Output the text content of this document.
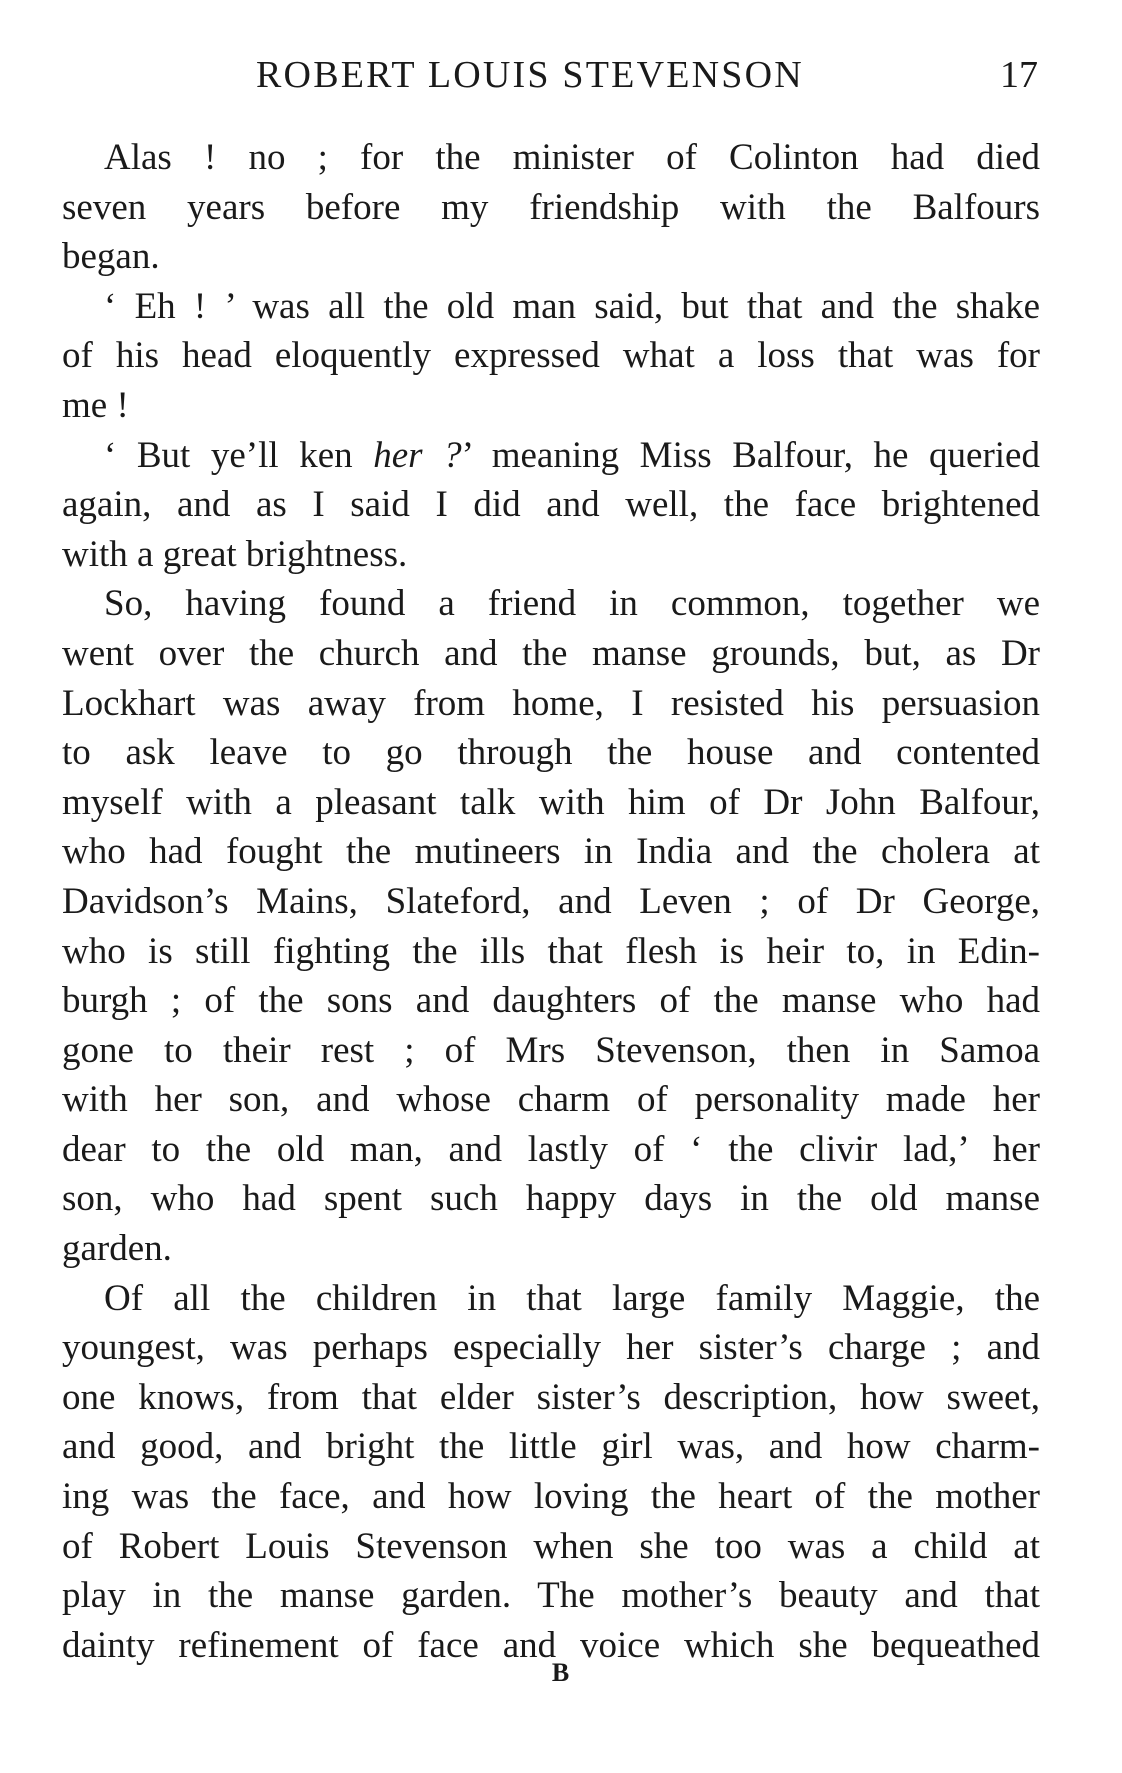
ROBERT LOUIS STEVENSON	17
Alas ! no ; for the minister of Colinton had died
seven years before my friendship with the Balfours
began.
‘ Eh ! ’ was all the old man said, but that and the shake
of his head eloquently expressed what a loss that was for
me !
‘ But ye’ll ken her ?’ meaning Miss Balfour, he queried
again, and as I said I did and well, the face brightened
with a great brightness.
So, having found a friend in common, together we
went over the church and the manse grounds, but, as Dr
Lockhart was away from home, I resisted his persuasion
to ask leave to go through the house and contented
myself with a pleasant talk with him of Dr John Balfour,
who had fought the mutineers in India and the cholera at
Davidson’s Mains, Slateford, and Leven ; of Dr George,
who is still fighting the ills that flesh is heir to, in Edin-
burgh ; of the sons and daughters of the manse who had
gone to their rest ; of Mrs Stevenson, then in Samoa
with her son, and whose charm of personality made her
dear to the old man, and lastly of ‘ the clivir lad,’ her
son, who had spent such happy days in the old manse
garden.
Of all the children in that large family Maggie, the
youngest, was perhaps especially her sister’s charge ; and
one knows, from that elder sister’s description, how sweet,
and good, and bright the little girl was, and how charm-
ing was the face, and how loving the heart of the mother
of Robert Louis Stevenson when she too was a child at
play in the manse garden. The mother’s beauty and that
dainty refinement of face and voice which she bequeathed
B
